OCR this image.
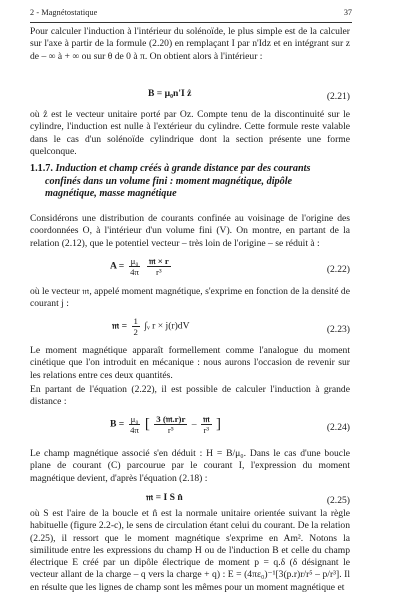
2 - Magnétostatique	37
Pour calculer l'induction à l'intérieur du solénoïde, le plus simple est de la calculer sur l'axe à partir de la formule (2.20) en remplaçant I par n'Idz et en intégrant sur z de – ∞ à + ∞ ou sur θ de 0 à π. On obtient alors à l'intérieur :
B = μ₀n'I ẑ	(2.21)
où ẑ est le vecteur unitaire porté par Oz. Compte tenu de la discontinuité sur le cylindre, l'induction est nulle à l'extérieur du cylindre. Cette formule reste valable dans le cas d'un solénoïde cylindrique dont la section présente une forme quelconque.
1.1.7. Induction et champ créés à grande distance par des courants
confinés dans un volume fini : moment magnétique, dipôle
magnétique, masse magnétique
Considérons une distribution de courants confinée au voisinage de l'origine des coordonnées O, à l'intérieur d'un volume fini (V). On montre, en partant de la relation (2.12), que le potentiel vecteur – très loin de l'origine – se réduit à :
$A = \frac{\text{μ₀}}{4\pi}$
$\frac{\text{𝔪 × r}}{\text{r³}}$	(2.22)
où le vecteur 𝔪, appelé moment magnétique, s'exprime en fonction de la densité de courant j :
𝔪 = $\frac{1}{2}$ ∫ᵥ r × j(r)dV	(2.23)
Le moment magnétique apparaît formellement comme l'analogue du moment cinétique que l'on introduit en mécanique : nous aurons l'occasion de revenir sur les relations entre ces deux quantités.
En partant de l'équation (2.22), il est possible de calculer l'induction à grande distance :
$B = \frac{\text{μ₀}}{4\pi}$ [ $\frac{\text{3 (𝔪.r)r}}{\text{r⁵}} - \frac{\text{𝔪}}{\text{r³}}$ ]	(2.24)
Le champ magnétique associé s'en déduit : H = B/μ₀. Dans le cas d'une boucle plane de courant (C) parcourue par le courant I, l'expression du moment magnétique devient, d'après l'équation (2.18) :
𝔪 = I S n̂	(2.25)
où S est l'aire de la boucle et n̂ est la normale unitaire orientée suivant la règle habituelle (figure 2.2-c), le sens de circulation étant celui du courant. De la relation (2.25), il ressort que le moment magnétique s'exprime en Am². Notons la similitude entre les expressions du champ H ou de l'induction B et celle du champ électrique E créé par un dipôle électrique de moment p = q.δ (δ désignant le vecteur allant de la charge – q vers la charge + q) : E = (4πε₀)⁻¹[3(p.r)r/r⁵ – p/r³]. Il en résulte que les lignes de champ sont les mêmes pour un moment magnétique et
